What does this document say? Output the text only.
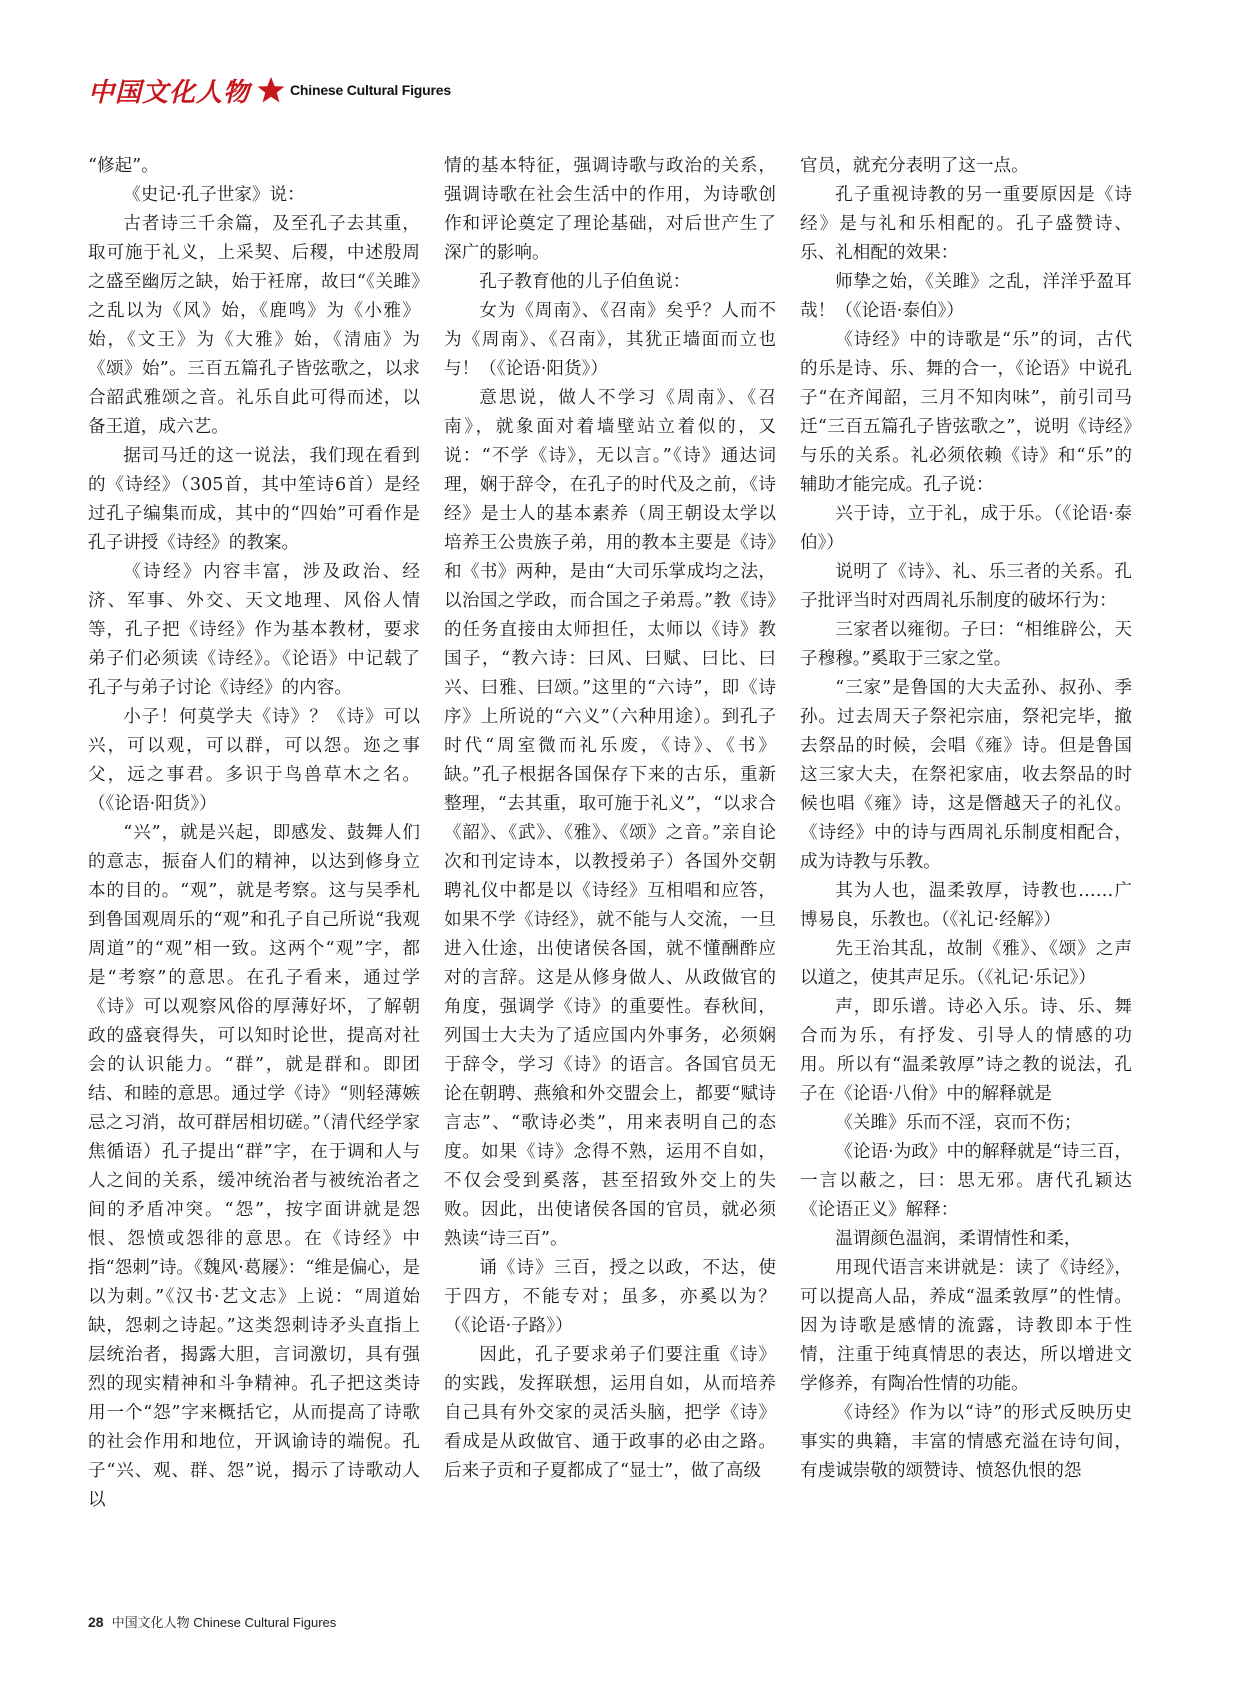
中国文化人物	Chinese Cultural Figures

“修起”。

《史记·孔子世家》说：

古者诗三千余篇，及至孔子去其重，取可施于礼义，上采契、后稷，中述殷周之盛至幽厉之缺，始于衽席，故曰“《关雎》之乱以为《风》始，《鹿鸣》为《小雅》始，《文王》为《大雅》始，《清庙》为《颂》始”。三百五篇孔子皆弦歌之，以求合韶武雅颂之音。礼乐自此可得而述，以备王道，成六艺。

据司马迁的这一说法，我们现在看到的《诗经》（305首，其中笙诗6首）是经过孔子编集而成，其中的“四始”可看作是孔子讲授《诗经》的教案。

《诗经》内容丰富，涉及政治、经济、军事、外交、天文地理、风俗人情等，孔子把《诗经》作为基本教材，要求弟子们必须读《诗经》。《论语》中记载了孔子与弟子讨论《诗经》的内容。

小子！何莫学夫《诗》？《诗》可以兴，可以观，可以群，可以怨。迩之事父，远之事君。多识于鸟兽草木之名。（《论语·阳货》）

“兴”，就是兴起，即感发、鼓舞人们的意志，振奋人们的精神，以达到修身立本的目的。“观”，就是考察。这与吴季札到鲁国观周乐的“观”和孔子自己所说“我观周道”的“观”相一致。这两个“观”字，都是“考察”的意思。在孔子看来，通过学《诗》可以观察风俗的厚薄好坏，了解朝政的盛衰得失，可以知时论世，提高对社会的认识能力。“群”，就是群和。即团结、和睦的意思。通过学《诗》“则轻薄嫉忌之习消，故可群居相切磋。”（清代经学家焦循语）孔子提出“群”字，在于调和人与人之间的关系，缓冲统治者与被统治者之间的矛盾冲突。“怨”，按字面讲就是怨恨、怨愤或怨徘的意思。在《诗经》中指“怨刺”诗。《魏风·葛屦》：“维是偏心，是以为刺。”《汉书·艺文志》上说：“周道始缺，怨刺之诗起。”这类怨刺诗矛头直指上层统治者，揭露大胆，言词激切，具有强烈的现实精神和斗争精神。孔子把这类诗用一个“怨”字来概括它，从而提高了诗歌的社会作用和地位，开讽谕诗的端倪。孔子“兴、观、群、怨”说，揭示了诗歌动人以

情的基本特征，强调诗歌与政治的关系，强调诗歌在社会生活中的作用，为诗歌创作和评论奠定了理论基础，对后世产生了深广的影响。

孔子教育他的儿子伯鱼说：

女为《周南》、《召南》矣乎？人而不为《周南》、《召南》，其犹正墙面而立也与！（《论语·阳货》）

意思说，做人不学习《周南》、《召南》，就象面对着墙壁站立着似的，又说：“不学《诗》，无以言。”《诗》通达词理，娴于辞令，在孔子的时代及之前，《诗经》是士人的基本素养（周王朝设太学以培养王公贵族子弟，用的教本主要是《诗》和《书》两种，是由“大司乐掌成均之法，以治国之学政，而合国之子弟焉。”教《诗》的任务直接由太师担任，太师以《诗》教国子，“教六诗：曰风、曰赋、曰比、曰兴、曰雅、曰颂。”这里的“六诗”，即《诗序》上所说的“六义”（六种用途）。到孔子时代“周室微而礼乐废，《诗》、《书》缺。”孔子根据各国保存下来的古乐，重新整理，“去其重，取可施于礼义”，“以求合《韶》、《武》、《雅》、《颂》之音。”亲自论次和刊定诗本，以教授弟子）各国外交朝聘礼仪中都是以《诗经》互相唱和应答，如果不学《诗经》，就不能与人交流，一旦进入仕途，出使诸侯各国，就不懂酬酢应对的言辞。这是从修身做人、从政做官的角度，强调学《诗》的重要性。春秋间，列国士大夫为了适应国内外事务，必须娴于辞令，学习《诗》的语言。各国官员无论在朝聘、燕飨和外交盟会上，都要“赋诗言志”、“歌诗必类”，用来表明自己的态度。如果《诗》念得不熟，运用不自如，不仅会受到奚落，甚至招致外交上的失败。因此，出使诸侯各国的官员，就必须熟读“诗三百”。

诵《诗》三百，授之以政，不达，使于四方，不能专对；虽多，亦奚以为？（《论语·子路》）

因此，孔子要求弟子们要注重《诗》的实践，发挥联想，运用自如，从而培养自己具有外交家的灵活头脑，把学《诗》看成是从政做官、通于政事的必由之路。后来子贡和子夏都成了“显士”，做了高级

官员，就充分表明了这一点。

孔子重视诗教的另一重要原因是《诗经》是与礼和乐相配的。孔子盛赞诗、乐、礼相配的效果：

师挚之始，《关雎》之乱，洋洋乎盈耳哉！（《论语·泰伯》）

《诗经》中的诗歌是“乐”的词，古代的乐是诗、乐、舞的合一，《论语》中说孔子“在齐闻韶，三月不知肉味”，前引司马迁“三百五篇孔子皆弦歌之”，说明《诗经》与乐的关系。礼必须依赖《诗》和“乐”的辅助才能完成。孔子说：

兴于诗，立于礼，成于乐。（《论语·泰伯》）

说明了《诗》、礼、乐三者的关系。孔子批评当时对西周礼乐制度的破坏行为：

三家者以雍彻。子曰：“相维辟公，天子穆穆。”奚取于三家之堂。

“三家”是鲁国的大夫孟孙、叔孙、季孙。过去周天子祭祀宗庙，祭祀完毕，撤去祭品的时候，会唱《雍》诗。但是鲁国这三家大夫，在祭祀家庙，收去祭品的时候也唱《雍》诗，这是僭越天子的礼仪。《诗经》中的诗与西周礼乐制度相配合，成为诗教与乐教。

其为人也，温柔敦厚，诗教也……广博易良，乐教也。（《礼记·经解》）

先王治其乱，故制《雅》、《颂》之声以道之，使其声足乐。（《礼记·乐记》）

声，即乐谱。诗必入乐。诗、乐、舞合而为乐，有抒发、引导人的情感的功用。所以有“温柔敦厚”诗之教的说法，孔子在《论语·八佾》中的解释就是

《关雎》乐而不淫，哀而不伤；

《论语·为政》中的解释就是“诗三百，一言以蔽之，曰：思无邪。唐代孔颖达《论语正义》解释：

温谓颜色温润，柔谓情性和柔，

用现代语言来讲就是：读了《诗经》，可以提高人品，养成“温柔敦厚”的性情。因为诗歌是感情的流露，诗教即本于性情，注重于纯真情思的表达，所以增进文学修养，有陶冶性情的功能。

《诗经》作为以“诗”的形式反映历史事实的典籍，丰富的情感充溢在诗句间，有虔诚崇敬的颂赞诗、愤怒仇恨的怨

28 中国文化人物 Chinese Cultural Figures
